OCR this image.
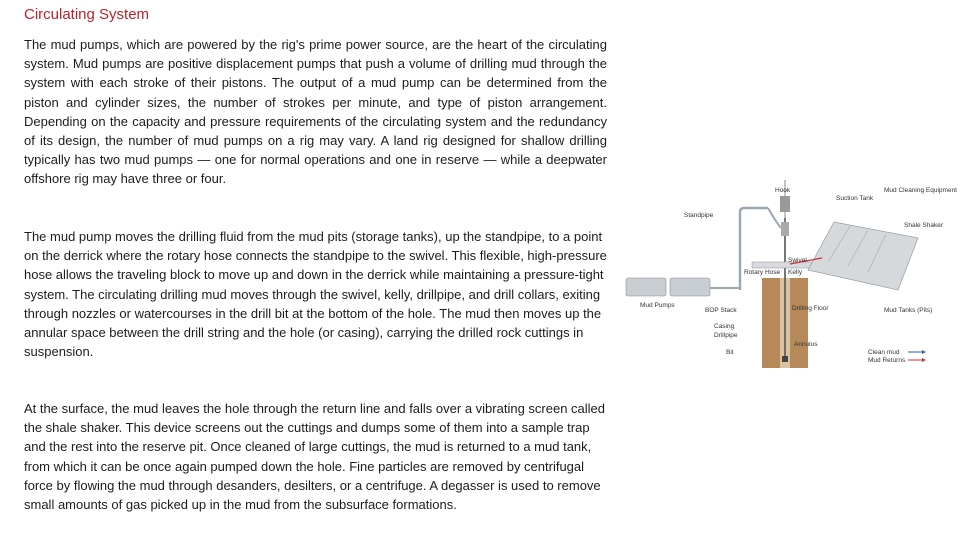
Circulating System

The mud pumps, which are powered by the rig's prime power source, are the heart of the circulating system. Mud pumps are positive displacement pumps that push a volume of drilling mud through the system with each stroke of their pistons. The output of a mud pump can be determined from the piston and cylinder sizes, the number of strokes per minute, and type of piston arrangement. Depending on the capacity and pressure requirements of the circulating system and the redundancy of its design, the number of mud pumps on a rig may vary. A land rig designed for shallow drilling typically has two mud pumps — one for normal operations and one in reserve — while a deepwater offshore rig may have three or four.

The mud pump moves the drilling fluid from the mud pits (storage tanks), up the standpipe, to a point on the derrick where the rotary hose connects the standpipe to the swivel. This flexible, high-pressure hose allows the traveling block to move up and down in the derrick while maintaining a pressure-tight system. The circulating drilling mud moves through the swivel, kelly, drillpipe, and drill collars, exiting through nozzles or watercourses in the drill bit at the bottom of the hole. The mud then moves up the annular space between the drill string and the hole (or casing), carrying the drilled rock cuttings in suspension.

At the surface, the mud leaves the hole through the return line and falls over a vibrating screen called the shale shaker. This device screens out the cuttings and dumps some of them into a sample trap and the rest into the reserve pit. Once cleaned of large cuttings, the mud is returned to a mud tank, from which it can be once again pumped down the hole. Fine particles are removed by centrifugal force by flowing the mud through desanders, desilters, or a centrifuge. A degasser is used to remove small amounts of gas picked up in the mud from the subsurface formations.

Hook
Suction Tank
Mud Cleaning Equipment
Standpipe
Shale Shaker
Swivel
Kelly
Rotary Hose
Mud Pumps
BOP Stack	Drilling Floor	Mud Tanks (Pits)
Casing
Drillpipe
Annulus
Bit	Clean mud
Mud Returns
